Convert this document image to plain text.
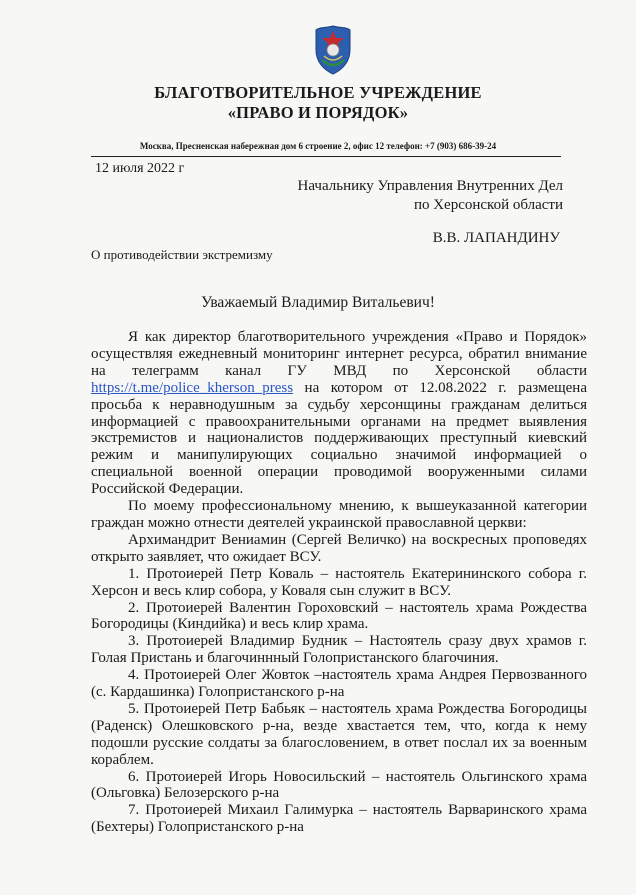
БЛАГОТВОРИТЕЛЬНОЕ УЧРЕЖДЕНИЕ
«ПРАВО И ПОРЯДОК»
Москва, Пресненская набережная дом 6 строение 2, офис 12 телефон: +7 (903) 686-39-24
12 июля 2022 г
Начальнику Управления Внутренних Дел
по Херсонской области
В.В. ЛАПАНДИНУ
О противодействии экстремизму
Уважаемый Владимир Витальевич!

Я как директор благотворительного учреждения «Право и Порядок» осуществляя ежедневный мониторинг интернет ресурса, обратил внимание на телеграмм канал ГУ МВД по Херсонской области https://t.me/police_kherson_press на котором от 12.08.2022 г. размещена просьба к неравнодушным за судьбу херсонщины гражданам делиться информацией с правоохранительными органами на предмет выявления экстремистов и националистов поддерживающих преступный киевский режим и манипулирующих социально значимой информацией о специальной военной операции проводимой вооруженными силами Российской Федерации.

По моему профессиональному мнению, к вышеуказанной категории граждан можно отнести деятелей украинской православной церкви:

Архимандрит Вениамин (Сергей Величко) на воскресных проповедях открыто заявляет, что ожидает ВСУ.

1. Протоиерей Петр Коваль – настоятель Екатерининского собора г. Херсон и весь клир собора, у Коваля сын служит в ВСУ.

2. Протоиерей Валентин Гороховский – настоятель храма Рождества Богородицы (Киндийка) и весь клир храма.

3. Протоиерей Владимир Будник – Настоятель сразу двух храмов г. Голая Пристань и благочиннный Голопристанского благочиния.

4. Протоиерей Олег Жовток –настоятель храма Андрея Первозванного (с. Кардашинка) Голопристанского р-на

5. Протоиерей Петр Бабьяк – настоятель храма Рождества Богородицы (Раденск) Олешковского р-на, везде хвастается тем, что, когда к нему подошли русские солдаты за благословением, в ответ послал их за военным кораблем.

6. Протоиерей Игорь Новосильский – настоятель Ольгинского храма (Ольговка) Белозерского р-на

7. Протоиерей Михаил Галимурка – настоятель Варваринского храма (Бехтеры) Голопристанского р-на
